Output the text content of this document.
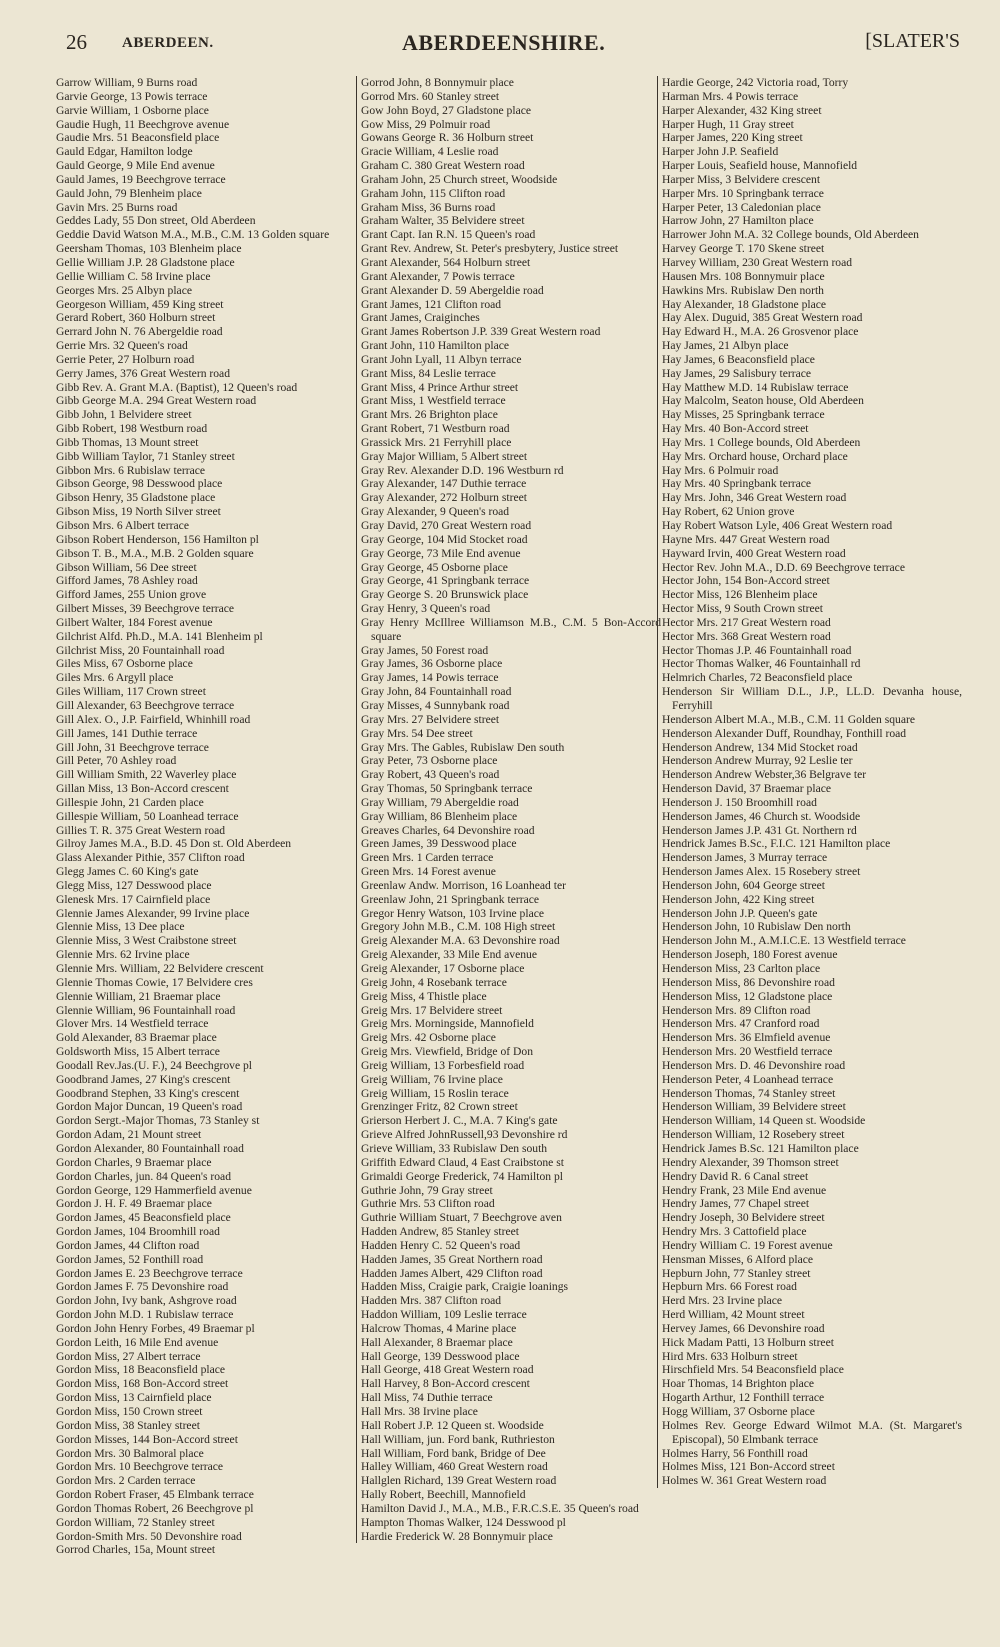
26 ABERDEEN.	ABERDEENSHIRE.	[SLATER'S
Garrow William, 9 Burns road
Garvie George, 13 Powis terrace
Garvie William, 1 Osborne place
Gaudie Hugh, 11 Beechgrove avenue
Gaudie Mrs. 51 Beaconsfield place
Gauld Edgar, Hamilton lodge
Gauld George, 9 Mile End avenue
Gauld James, 19 Beechgrove terrace
Gauld John, 79 Blenheim place
Gavin Mrs. 25 Burns road
Geddes Lady, 55 Don street, Old Aberdeen
Geddie David Watson M.A., M.B., C.M. 13 Golden square
Geersham Thomas, 103 Blenheim place
Gellie William J.P. 28 Gladstone place
Gellie William C. 58 Irvine place
Georges Mrs. 25 Albyn place
Georgeson William, 459 King street
Gerard Robert, 360 Holburn street
Gerrard John N. 76 Abergeldie road
Gerrie Mrs. 32 Queen's road
Gerrie Peter, 27 Holburn road
Gerry James, 376 Great Western road
Gibb Rev. A. Grant M.A. (Baptist), 12 Queen's road
Gibb George M.A. 294 Great Western road
Gibb John, 1 Belvidere street
Gibb Robert, 198 Westburn road
Gibb Thomas, 13 Mount street
Gibb William Taylor, 71 Stanley street
Gibbon Mrs. 6 Rubislaw terrace
Gibson George, 98 Desswood place
Gibson Henry, 35 Gladstone place
Gibson Miss, 19 North Silver street
Gibson Mrs. 6 Albert terrace
Gibson Robert Henderson, 156 Hamilton pl
Gibson T. B., M.A., M.B. 2 Golden square
Gibson William, 56 Dee street
Gifford James, 78 Ashley road
Gifford James, 255 Union grove
Gilbert Misses, 39 Beechgrove terrace
Gilbert Walter, 184 Forest avenue
Gilchrist Alfd. Ph.D., M.A. 141 Blenheim pl
Gilchrist Miss, 20 Fountainhall road
Giles Miss, 67 Osborne place
Giles Mrs. 6 Argyll place
Giles William, 117 Crown street
Gill Alexander, 63 Beechgrove terrace
Gill Alex. O., J.P. Fairfield, Whinhill road
Gill James, 141 Duthie terrace
Gill John, 31 Beechgrove terrace
Gill Peter, 70 Ashley road
Gill William Smith, 22 Waverley place
Gillan Miss, 13 Bon-Accord crescent
Gillespie John, 21 Carden place
Gillespie William, 50 Loanhead terrace
Gillies T. R. 375 Great Western road
Gilroy James M.A., B.D. 45 Don st. Old Aberdeen
Glass Alexander Pithie, 357 Clifton road
Glegg James C. 60 King's gate
Glegg Miss, 127 Desswood place
Glenesk Mrs. 17 Cairnfield place
Glennie James Alexander, 99 Irvine place
Glennie Miss, 13 Dee place
Glennie Miss, 3 West Craibstone street
Glennie Mrs. 62 Irvine place
Glennie Mrs. William, 22 Belvidere crescent
Glennie Thomas Cowie, 17 Belvidere cres
Glennie William, 21 Braemar place
Glennie William, 96 Fountainhall road
Glover Mrs. 14 Westfield terrace
Gold Alexander, 83 Braemar place
Goldsworth Miss, 15 Albert terrace
Goodall Rev.Jas.(U. F.), 24 Beechgrove pl
Goodbrand James, 27 King's crescent
Goodbrand Stephen, 33 King's crescent
Gordon Major Duncan, 19 Queen's road
Gordon Sergt.-Major Thomas, 73 Stanley st
Gordon Adam, 21 Mount street
Gordon Alexander, 80 Fountainhall road
Gordon Charles, 9 Braemar place
Gordon Charles, jun. 84 Queen's road
Gordon George, 129 Hammerfield avenue
Gordon J. H. F. 49 Braemar place
Gordon James, 45 Beaconsfield place
Gordon James, 104 Broomhill road
Gordon James, 44 Clifton road
Gordon James, 52 Fonthill road
Gordon James E. 23 Beechgrove terrace
Gordon James F. 75 Devonshire road
Gordon John, Ivy bank, Ashgrove road
Gordon John M.D. 1 Rubislaw terrace
Gordon John Henry Forbes, 49 Braemar pl
Gordon Leith, 16 Mile End avenue
Gordon Miss, 27 Albert terrace
Gordon Miss, 18 Beaconsfield place
Gordon Miss, 168 Bon-Accord street
Gordon Miss, 13 Cairnfield place
Gordon Miss, 150 Crown street
Gordon Miss, 38 Stanley street
Gordon Misses, 144 Bon-Accord street
Gordon Mrs. 30 Balmoral place
Gordon Mrs. 10 Beechgrove terrace
Gordon Mrs. 2 Carden terrace
Gordon Robert Fraser, 45 Elmbank terrace
Gordon Thomas Robert, 26 Beechgrove pl
Gordon William, 72 Stanley street
Gordon-Smith Mrs. 50 Devonshire road
Gorrod Charles, 15a, Mount street
Gorrod John, 8 Bonnymuir place
Gorrod Mrs. 60 Stanley street
Gow John Boyd, 27 Gladstone place
Gow Miss, 29 Polmuir road
Gowans George R. 36 Holburn street
Gracie William, 4 Leslie road
Graham C. 380 Great Western road
Graham John, 25 Church street, Woodside
Graham John, 115 Clifton road
Graham Miss, 36 Burns road
Graham Walter, 35 Belvidere street
Grant Capt. Ian R.N. 15 Queen's road
Grant Rev. Andrew, St. Peter's presbytery, Justice street
Grant Alexander, 564 Holburn street
Grant Alexander, 7 Powis terrace
Grant Alexander D. 59 Abergeldie road
Grant James, 121 Clifton road
Grant James, Craiginches
Grant James Robertson J.P. 339 Great Western road
Grant John, 110 Hamilton place
Grant John Lyall, 11 Albyn terrace
Grant Miss, 84 Leslie terrace
Grant Miss, 4 Prince Arthur street
Grant Miss, 1 Westfield terrace
Grant Mrs. 26 Brighton place
Grant Robert, 71 Westburn road
Grassick Mrs. 21 Ferryhill place
Gray Major William, 5 Albert street
Gray Rev. Alexander D.D. 196 Westburn rd
Gray Alexander, 147 Duthie terrace
Gray Alexander, 272 Holburn street
Gray Alexander, 9 Queen's road
Gray David, 270 Great Western road
Gray George, 104 Mid Stocket road
Gray George, 73 Mile End avenue
Gray George, 45 Osborne place
Gray George, 41 Springbank terrace
Gray George S. 20 Brunswick place
Gray Henry, 3 Queen's road
Gray Henry McIllree Williamson M.B., C.M. 5 Bon-Accord square
Gray James, 50 Forest road
Gray James, 36 Osborne place
Gray James, 14 Powis terrace
Gray John, 84 Fountainhall road
Gray Misses, 4 Sunnybank road
Gray Mrs. 27 Belvidere street
Gray Mrs. 54 Dee street
Gray Mrs. The Gables, Rubislaw Den south
Gray Peter, 73 Osborne place
Gray Robert, 43 Queen's road
Gray Thomas, 50 Springbank terrace
Gray William, 79 Abergeldie road
Gray William, 86 Blenheim place
Greaves Charles, 64 Devonshire road
Green James, 39 Desswood place
Green Mrs. 1 Carden terrace
Green Mrs. 14 Forest avenue
Greenlaw Andw. Morrison, 16 Loanhead ter
Greenlaw John, 21 Springbank terrace
Gregor Henry Watson, 103 Irvine place
Gregory John M.B., C.M. 108 High street
Greig Alexander M.A. 63 Devonshire road
Greig Alexander, 33 Mile End avenue
Greig Alexander, 17 Osborne place
Greig John, 4 Rosebank terrace
Greig Miss, 4 Thistle place
Greig Mrs. 17 Belvidere street
Greig Mrs. Morningside, Mannofield
Greig Mrs. 42 Osborne place
Greig Mrs. Viewfield, Bridge of Don
Greig William, 13 Forbesfield road
Greig William, 76 Irvine place
Greig William, 15 Roslin terace
Grenzinger Fritz, 82 Crown street
Grierson Herbert J. C., M.A. 7 King's gate
Grieve Alfred JohnRussell,93 Devonshire rd
Grieve William, 33 Rubislaw Den south
Griffith Edward Claud, 4 East Craibstone st
Grimaldi George Frederick, 74 Hamilton pl
Guthrie John, 79 Gray street
Guthrie Mrs. 53 Clifton road
Guthrie William Stuart, 7 Beechgrove aven
Hadden Andrew, 85 Stanley street
Hadden Henry C. 52 Queen's road
Hadden James, 35 Great Northern road
Hadden James Albert, 429 Clifton road
Hadden Miss, Craigie park, Craigie loanings
Hadden Mrs. 387 Clifton road
Haddon William, 109 Leslie terrace
Halcrow Thomas, 4 Marine place
Hall Alexander, 8 Braemar place
Hall George, 139 Desswood place
Hall George, 418 Great Western road
Hall Harvey, 8 Bon-Accord crescent
Hall Miss, 74 Duthie terrace
Hall Mrs. 38 Irvine place
Hall Robert J.P. 12 Queen st. Woodside
Hall William, jun. Ford bank, Ruthrieston
Hall William, Ford bank, Bridge of Dee
Halley William, 460 Great Western road
Hallglen Richard, 139 Great Western road
Hally Robert, Beechill, Mannofield
Hamilton David J., M.A., M.B., F.R.C.S.E. 35 Queen's road
Hampton Thomas Walker, 124 Desswood pl
Hardie Frederick W. 28 Bonnymuir place
Hardie George, 242 Victoria road, Torry
Harman Mrs. 4 Powis terrace
Harper Alexander, 432 King street
Harper Hugh, 11 Gray street
Harper James, 220 King street
Harper John J.P. Seafield
Harper Louis, Seafield house, Mannofield
Harper Miss, 3 Belvidere crescent
Harper Mrs. 10 Springbank terrace
Harper Peter, 13 Caledonian place
Harrow John, 27 Hamilton place
Harrower John M.A. 32 College bounds, Old Aberdeen
Harvey George T. 170 Skene street
Harvey William, 230 Great Western road
Hausen Mrs. 108 Bonnymuir place
Hawkins Mrs. Rubislaw Den north
Hay Alexander, 18 Gladstone place
Hay Alex. Duguid, 385 Great Western road
Hay Edward H., M.A. 26 Grosvenor place
Hay James, 21 Albyn place
Hay James, 6 Beaconsfield place
Hay James, 29 Salisbury terrace
Hay Matthew M.D. 14 Rubislaw terrace
Hay Malcolm, Seaton house, Old Aberdeen
Hay Misses, 25 Springbank terrace
Hay Mrs. 40 Bon-Accord street
Hay Mrs. 1 College bounds, Old Aberdeen
Hay Mrs. Orchard house, Orchard place
Hay Mrs. 6 Polmuir road
Hay Mrs. 40 Springbank terrace
Hay Mrs. John, 346 Great Western road
Hay Robert, 62 Union grove
Hay Robert Watson Lyle, 406 Great Western road
Hayne Mrs. 447 Great Western road
Hayward Irvin, 400 Great Western road
Hector Rev. John M.A., D.D. 69 Beechgrove terrace
Hector John, 154 Bon-Accord street
Hector Miss, 126 Blenheim place
Hector Miss, 9 South Crown street
Hector Mrs. 217 Great Western road
Hector Mrs. 368 Great Western road
Hector Thomas J.P. 46 Fountainhall road
Hector Thomas Walker, 46 Fountainhall rd
Helmrich Charles, 72 Beaconsfield place
Henderson Sir William D.L., J.P., LL.D. Devanha house, Ferryhill
Henderson Albert M.A., M.B., C.M. 11 Golden square
Henderson Alexander Duff, Roundhay, Fonthill road
Henderson Andrew, 134 Mid Stocket road
Henderson Andrew Murray, 92 Leslie ter
Henderson Andrew Webster,36 Belgrave ter
Henderson David, 37 Braemar place
Henderson J. 150 Broomhill road
Henderson James, 46 Church st. Woodside
Henderson James J.P. 431 Gt. Northern rd
Hendrick James B.Sc., F.I.C. 121 Hamilton place
Henderson James, 3 Murray terrace
Henderson James Alex. 15 Rosebery street
Henderson John, 604 George street
Henderson John, 422 King street
Henderson John J.P. Queen's gate
Henderson John, 10 Rubislaw Den north
Henderson John M., A.M.I.C.E. 13 Westfield terrace
Henderson Joseph, 180 Forest avenue
Henderson Miss, 23 Carlton place
Henderson Miss, 86 Devonshire road
Henderson Miss, 12 Gladstone place
Henderson Mrs. 89 Clifton road
Henderson Mrs. 47 Cranford road
Henderson Mrs. 36 Elmfield avenue
Henderson Mrs. 20 Westfield terrace
Henderson Mrs. D. 46 Devonshire road
Henderson Peter, 4 Loanhead terrace
Henderson Thomas, 74 Stanley street
Henderson William, 39 Belvidere street
Henderson William, 14 Queen st. Woodside
Henderson William, 12 Rosebery street
Hendrick James B.Sc. 121 Hamilton place
Hendry Alexander, 39 Thomson street
Hendry David R. 6 Canal street
Hendry Frank, 23 Mile End avenue
Hendry James, 77 Chapel street
Hendry Joseph, 30 Belvidere street
Hendry Mrs. 3 Cattofield place
Hendry William C. 19 Forest avenue
Hensman Misses, 6 Alford place
Hepburn John, 77 Stanley street
Hepburn Mrs. 66 Forest road
Herd Mrs. 23 Irvine place
Herd William, 42 Mount street
Hervey James, 66 Devonshire road
Hick Madam Patti, 13 Holburn street
Hird Mrs. 633 Holburn street
Hirschfield Mrs. 54 Beaconsfield place
Hoar Thomas, 14 Brighton place
Hogarth Arthur, 12 Fonthill terrace
Hogg William, 37 Osborne place
Holmes Rev. George Edward Wilmot M.A. (St. Margaret's Episcopal), 50 Elmbank terrace
Holmes Harry, 56 Fonthill road
Holmes Miss, 121 Bon-Accord street
Holmes W. 361 Great Western road
